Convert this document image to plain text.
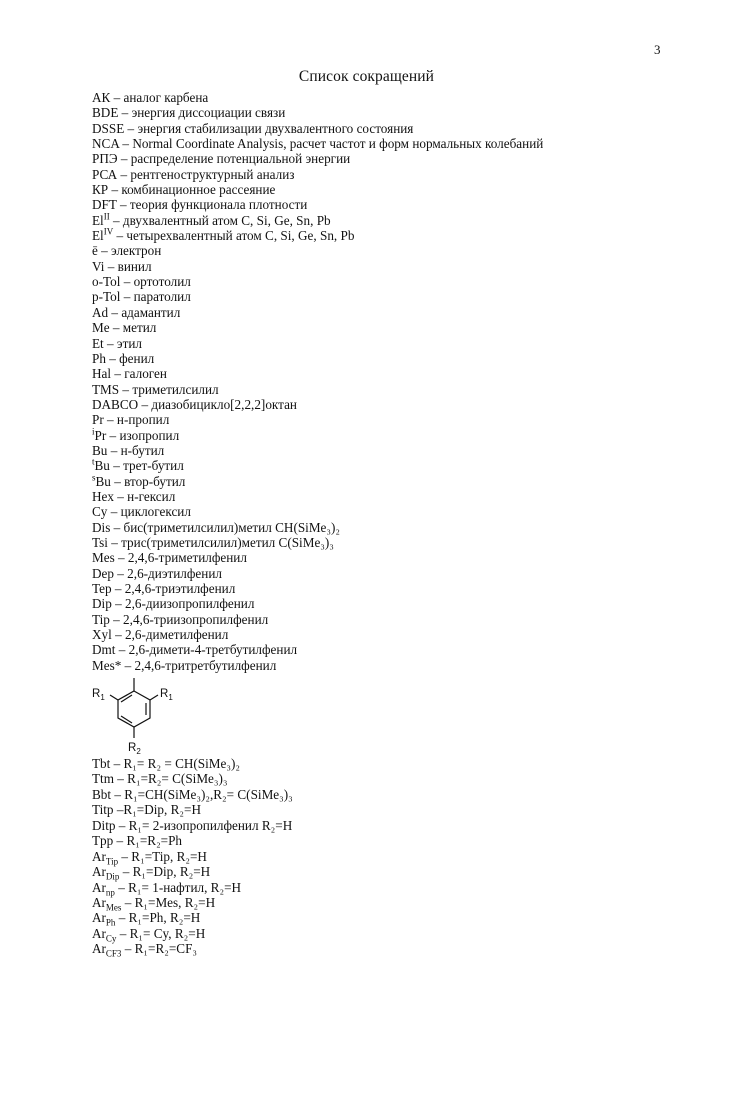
3
Список сокращений
АК – аналог карбена
BDE – энергия диссоциации связи
DSSE – энергия стабилизации двухвалентного состояния
NCA – Normal Coordinate Analysis, расчет частот и форм нормальных колебаний
РПЭ – распределение потенциальной энергии
РСА – рентгеноструктурный анализ
КР – комбинационное рассеяние
DFT – теория функционала плотности
$El^{II}$ – двухвалентный атом C, Si, Ge, Sn, Pb
$El^{IV}$ – четырехвалентный атом C, Si, Ge, Sn, Pb
ē – электрон
Vi – винил
o-Tol – ортотолил
p-Tol – паратолил
Ad – адамантил
Me – метил
Et – этил
Ph – фенил
Hal – галоген
TMS – триметилсилил
DABCO – диазобицикло[2,2,2]октан
Pr – н-пропил
$^i$Pr – изопропил
Bu – н-бутил
$^t$Bu – трет-бутил
$^s$Bu – втор-бутил
Hex – н-гексил
Cy – циклогексил
Dis – бис(триметилсилил)метил CH(SiMe₃)₂
Tsi – трис(триметилсилил)метил C(SiMe₃)₃
Mes – 2,4,6-триметилфенил
Dep – 2,6-диэтилфенил
Tep – 2,4,6-триэтилфенил
Dip – 2,6-диизопропилфенил
Tip – 2,4,6-триизопропилфенил
Xyl – 2,6-диметилфенил
Dmt – 2,6-димети-4-третбутилфенил
Mes* – 2,4,6-тритретбутилфенил
$R_1$	$R_1$
$R_2$
Tbt – R₁= R₂ = CH(SiMe₃)₂
Ttm – R₁=R₂= C(SiMe₃)₃
Bbt – R₁=CH(SiMe₃)₂,R₂= C(SiMe₃)₃
Titp –R₁=Dip, R₂=H
Ditp – R₁= 2-изопропилфенил R₂=H
Tpp – R₁=R₂=Ph
$Ar_{Tip} - R_1=Tip$, R₂=H
$Ar_{Dip} - R_1=Dip$, R₂=H
$Ar_{np} - R_1=$ 1-нафтил, R₂=H
$Ar_{Mes} - R_1=Mes$, R₂=H
$Ar_{Ph} - R_1=Ph$, R₂=H
$Ar_{Cy} - R_1= Cy$, R₂=H
$Ar_{CF3} - R_1=R_2=CF_3$
